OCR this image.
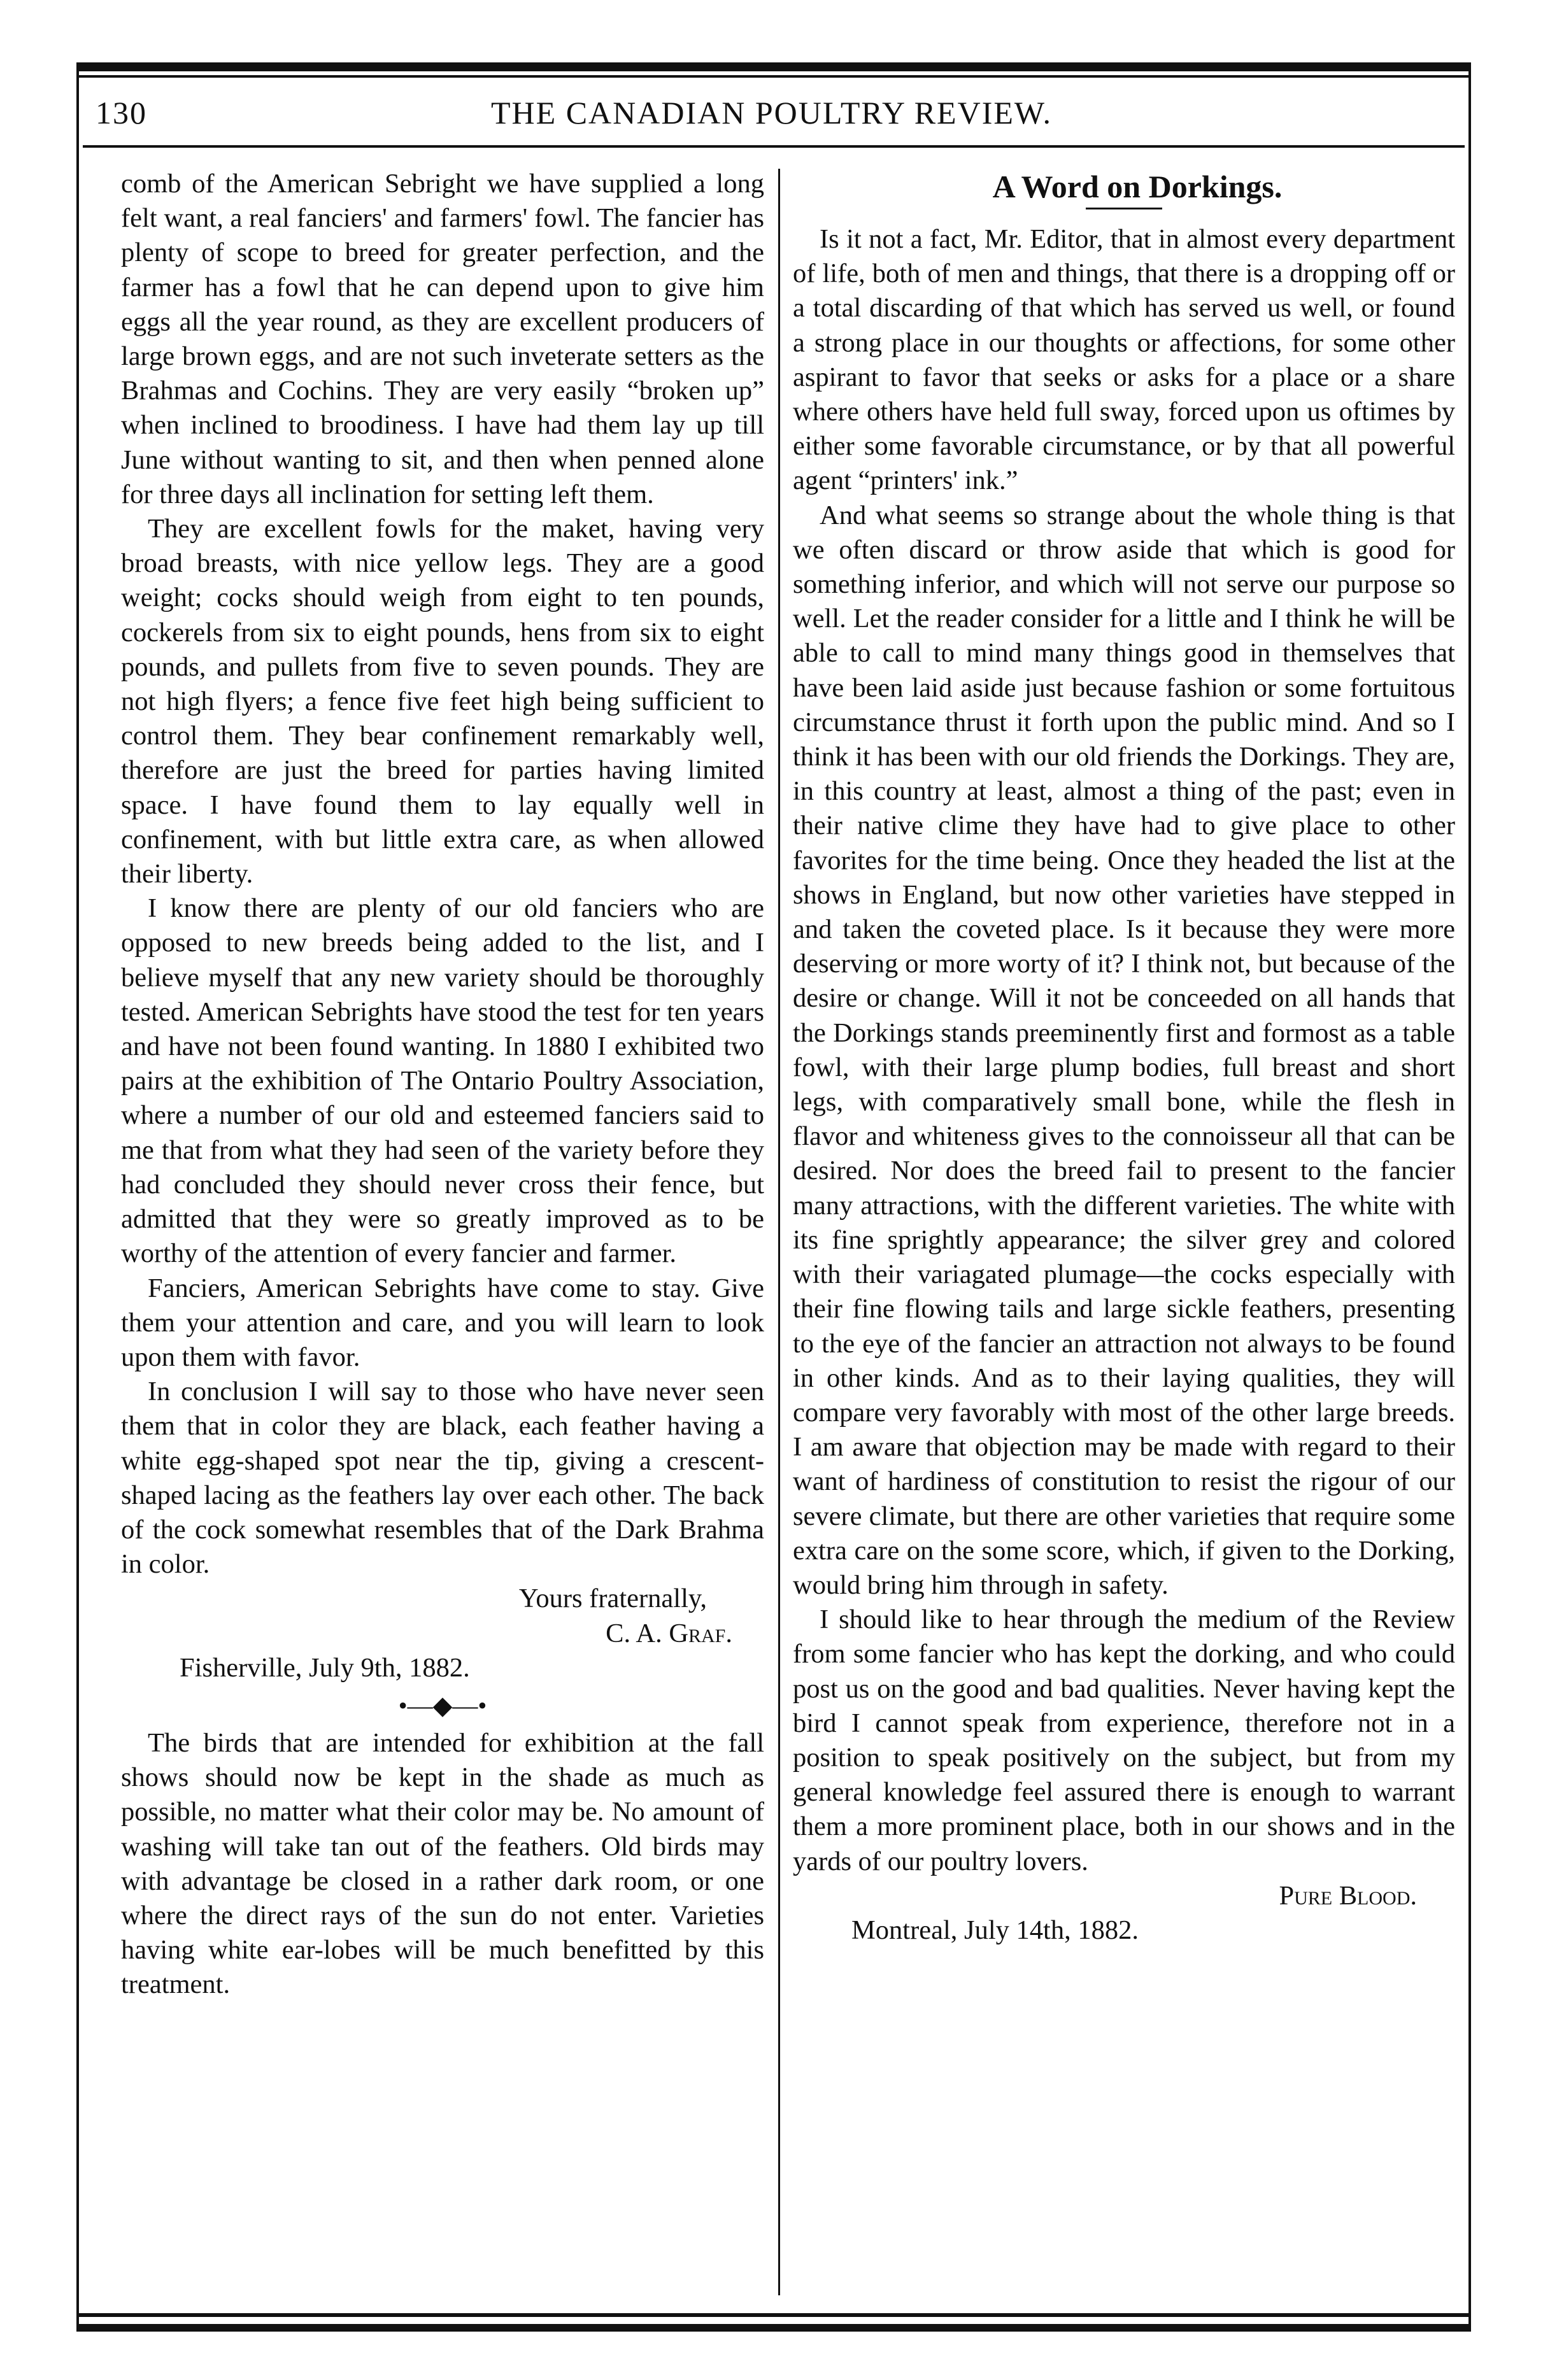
THE CANADIAN POULTRY REVIEW.
130

comb of the American Sebright we have supplied a long felt want, a real fanciers' and farmers' fowl. The fancier has plenty of scope to breed for greater perfection, and the farmer has a fowl that he can depend upon to give him eggs all the year round, as they are excellent producers of large brown eggs, and are not such inveterate setters as the Brahmas and Cochins. They are very easily “broken up” when inclined to broodiness. I have had them lay up till June without wanting to sit, and then when penned alone for three days all inclination for setting left them.

They are excellent fowls for the maket, having very broad breasts, with nice yellow legs. They are a good weight; cocks should weigh from eight to ten pounds, cockerels from six to eight pounds, hens from six to eight pounds, and pullets from five to seven pounds. They are not high flyers; a fence five feet high being sufficient to control them. They bear confinement remarkably well, therefore are just the breed for parties having limited space. I have found them to lay equally well in confinement, with but little extra care, as when allowed their liberty.

I know there are plenty of our old fanciers who are opposed to new breeds being added to the list, and I believe myself that any new variety should be thoroughly tested. American Sebrights have stood the test for ten years and have not been found wanting. In 1880 I exhibited two pairs at the exhibition of The Ontario Poultry Association, where a number of our old and esteemed fanciers said to me that from what they had seen of the variety before they had concluded they should never cross their fence, but admitted that they were so greatly improved as to be worthy of the attention of every fancier and farmer.

Fanciers, American Sebrights have come to stay. Give them your attention and care, and you will learn to look upon them with favor.

In conclusion I will say to those who have never seen them that in color they are black, each feather having a white egg-shaped spot near the tip, giving a crescent-shaped lacing as the feathers lay over each other. The back of the cock somewhat resembles that of the Dark Brahma in color.

Yours fraternally,

C. A. Graf.

Fisherville, July 9th, 1882.

•—◆—•

The birds that are intended for exhibition at the fall shows should now be kept in the shade as much as possible, no matter what their color may be. No amount of washing will take tan out of the feathers. Old birds may with advantage be closed in a rather dark room, or one where the direct rays of the sun do not enter. Varieties having white ear-lobes will be much benefitted by this treatment.

A Word on Dorkings.

Is it not a fact, Mr. Editor, that in almost every department of life, both of men and things, that there is a dropping off or a total discarding of that which has served us well, or found a strong place in our thoughts or affections, for some other aspirant to favor that seeks or asks for a place or a share where others have held full sway, forced upon us oftimes by either some favorable circumstance, or by that all powerful agent “printers' ink.”

And what seems so strange about the whole thing is that we often discard or throw aside that which is good for something inferior, and which will not serve our purpose so well. Let the reader consider for a little and I think he will be able to call to mind many things good in themselves that have been laid aside just because fashion or some fortuitous circumstance thrust it forth upon the public mind. And so I think it has been with our old friends the Dorkings. They are, in this country at least, almost a thing of the past; even in their native clime they have had to give place to other favorites for the time being. Once they headed the list at the shows in England, but now other varieties have stepped in and taken the coveted place. Is it because they were more deserving or more worty of it? I think not, but because of the desire or change. Will it not be conceeded on all hands that the Dorkings stands preeminently first and formost as a table fowl, with their large plump bodies, full breast and short legs, with comparatively small bone, while the flesh in flavor and whiteness gives to the connoisseur all that can be desired. Nor does the breed fail to present to the fancier many attractions, with the different varieties. The white with its fine sprightly appearance; the silver grey and colored with their variagated plumage—the cocks especially with their fine flowing tails and large sickle feathers, presenting to the eye of the fancier an attraction not always to be found in other kinds. And as to their laying qualities, they will compare very favorably with most of the other large breeds. I am aware that objection may be made with regard to their want of hardiness of constitution to resist the rigour of our severe climate, but there are other varieties that require some extra care on the some score, which, if given to the Dorking, would bring him through in safety.

I should like to hear through the medium of the Review from some fancier who has kept the dorking, and who could post us on the good and bad qualities. Never having kept the bird I cannot speak from experience, therefore not in a position to speak positively on the subject, but from my general knowledge feel assured there is enough to warrant them a more prominent place, both in our shows and in the yards of our poultry lovers.

Pure Blood.

Montreal, July 14th, 1882.
